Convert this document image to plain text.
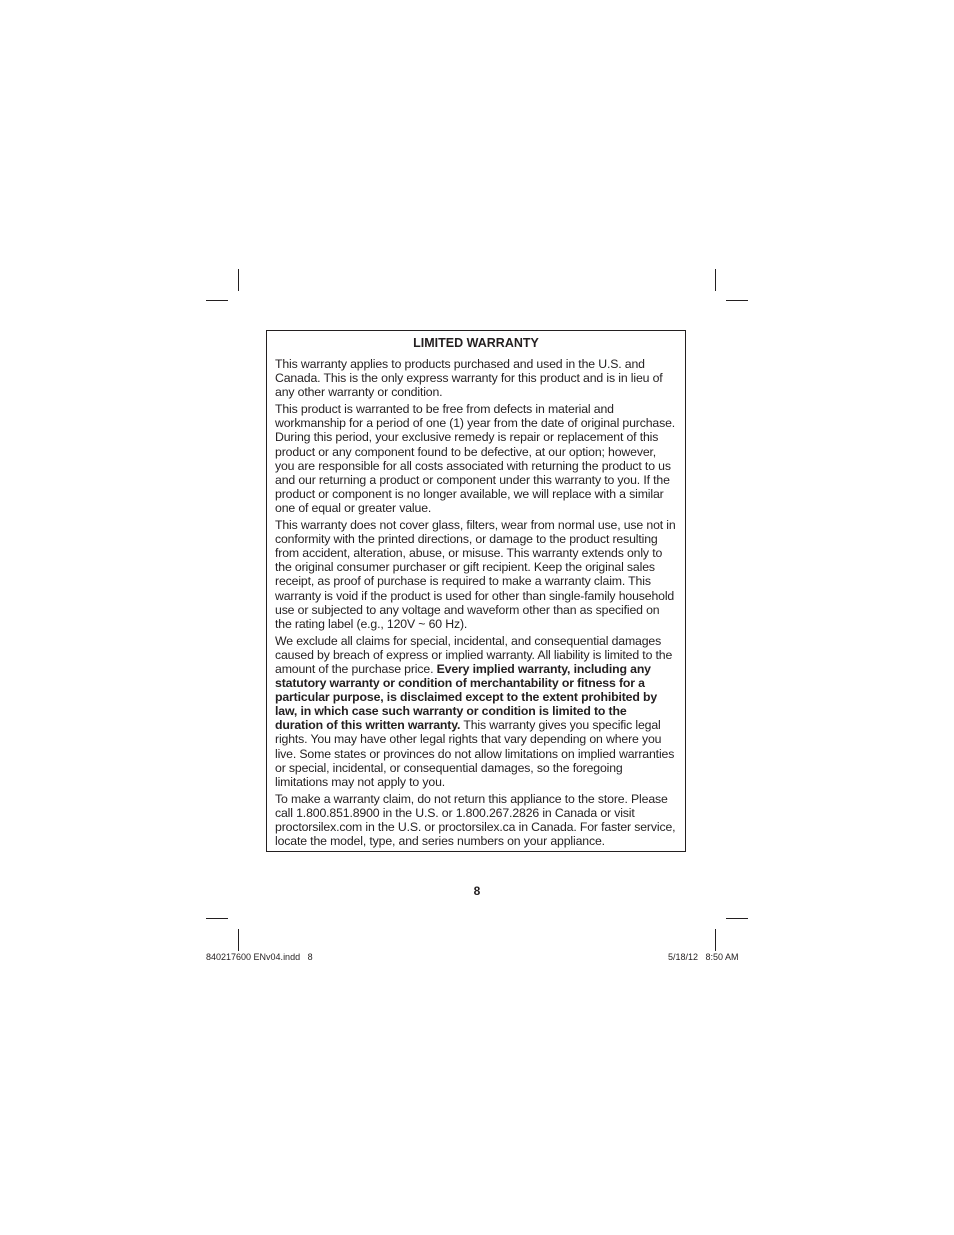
LIMITED WARRANTY

This warranty applies to products purchased and used in the U.S. and Canada. This is the only express warranty for this product and is in lieu of any other warranty or condition.

This product is warranted to be free from defects in material and workmanship for a period of one (1) year from the date of original purchase. During this period, your exclusive remedy is repair or replacement of this product or any component found to be defective, at our option; however, you are responsible for all costs associated with returning the product to us and our returning a product or component under this warranty to you. If the product or component is no longer available, we will replace with a similar one of equal or greater value.

This warranty does not cover glass, filters, wear from normal use, use not in conformity with the printed directions, or damage to the product resulting from accident, alteration, abuse, or misuse. This warranty extends only to the original consumer purchaser or gift recipient. Keep the original sales receipt, as proof of purchase is required to make a warranty claim. This warranty is void if the product is used for other than single-family household use or subjected to any voltage and waveform other than as specified on the rating label (e.g., 120V ~ 60 Hz).

We exclude all claims for special, incidental, and consequential damages caused by breach of express or implied warranty. All liability is limited to the amount of the purchase price. Every implied warranty, including any statutory warranty or condition of merchantability or fitness for a particular purpose, is disclaimed except to the extent prohibited by law, in which case such warranty or condition is limited to the duration of this written warranty. This warranty gives you specific legal rights. You may have other legal rights that vary depending on where you live. Some states or provinces do not allow limitations on implied warranties or special, incidental, or consequential damages, so the foregoing limitations may not apply to you.

To make a warranty claim, do not return this appliance to the store. Please call 1.800.851.8900 in the U.S. or 1.800.267.2826 in Canada or visit proctorsilex.com in the U.S. or proctorsilex.ca in Canada. For faster service, locate the model, type, and series numbers on your appliance.

8
840217600 ENv04.indd   8	5/18/12   8:50 AM
